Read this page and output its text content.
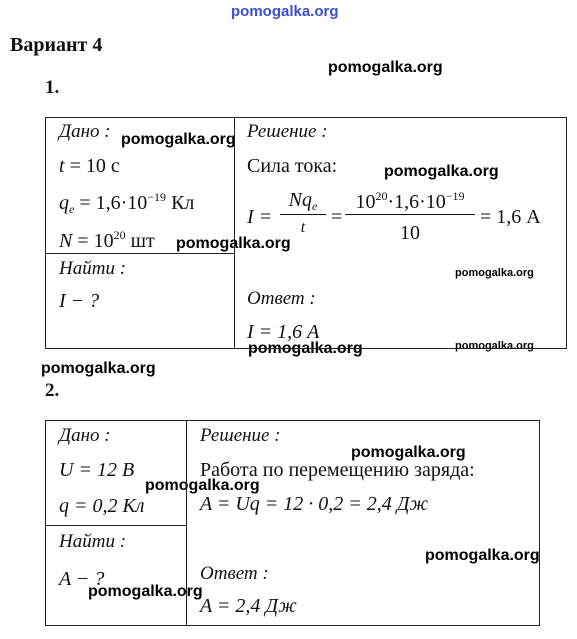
pomogalka.org
pomogalka.org
pomogalka.org
pomogalka.org
pomogalka.org
pomogalka.org
pomogalka.org	pomogalka.org
pomogalka.org
pomogalka.org
pomogalka.org
pomogalka.org
pomogalka.org
Вариант 4
1.
Дано :
t = 10 с
$q_e = 1,6\cdot 10^{-19}$ Кл
$N = 10^{20}$ шт
Найти :
I − ?
Решение :
Сила тока:
I =
$Nq_e$
t	=
$10^{20}\cdot 1,6\cdot 10^{-19}$
10
= 1,6 А
Ответ :
I = 1,6 А
2.
Дано :
U = 12 В
q = 0,2 Кл
Найти :
A − ?
Решение :
Работа по перемещению заряда:
A = Uq = 12 · 0,2 = 2,4 Дж
Ответ :
A = 2,4 Дж
